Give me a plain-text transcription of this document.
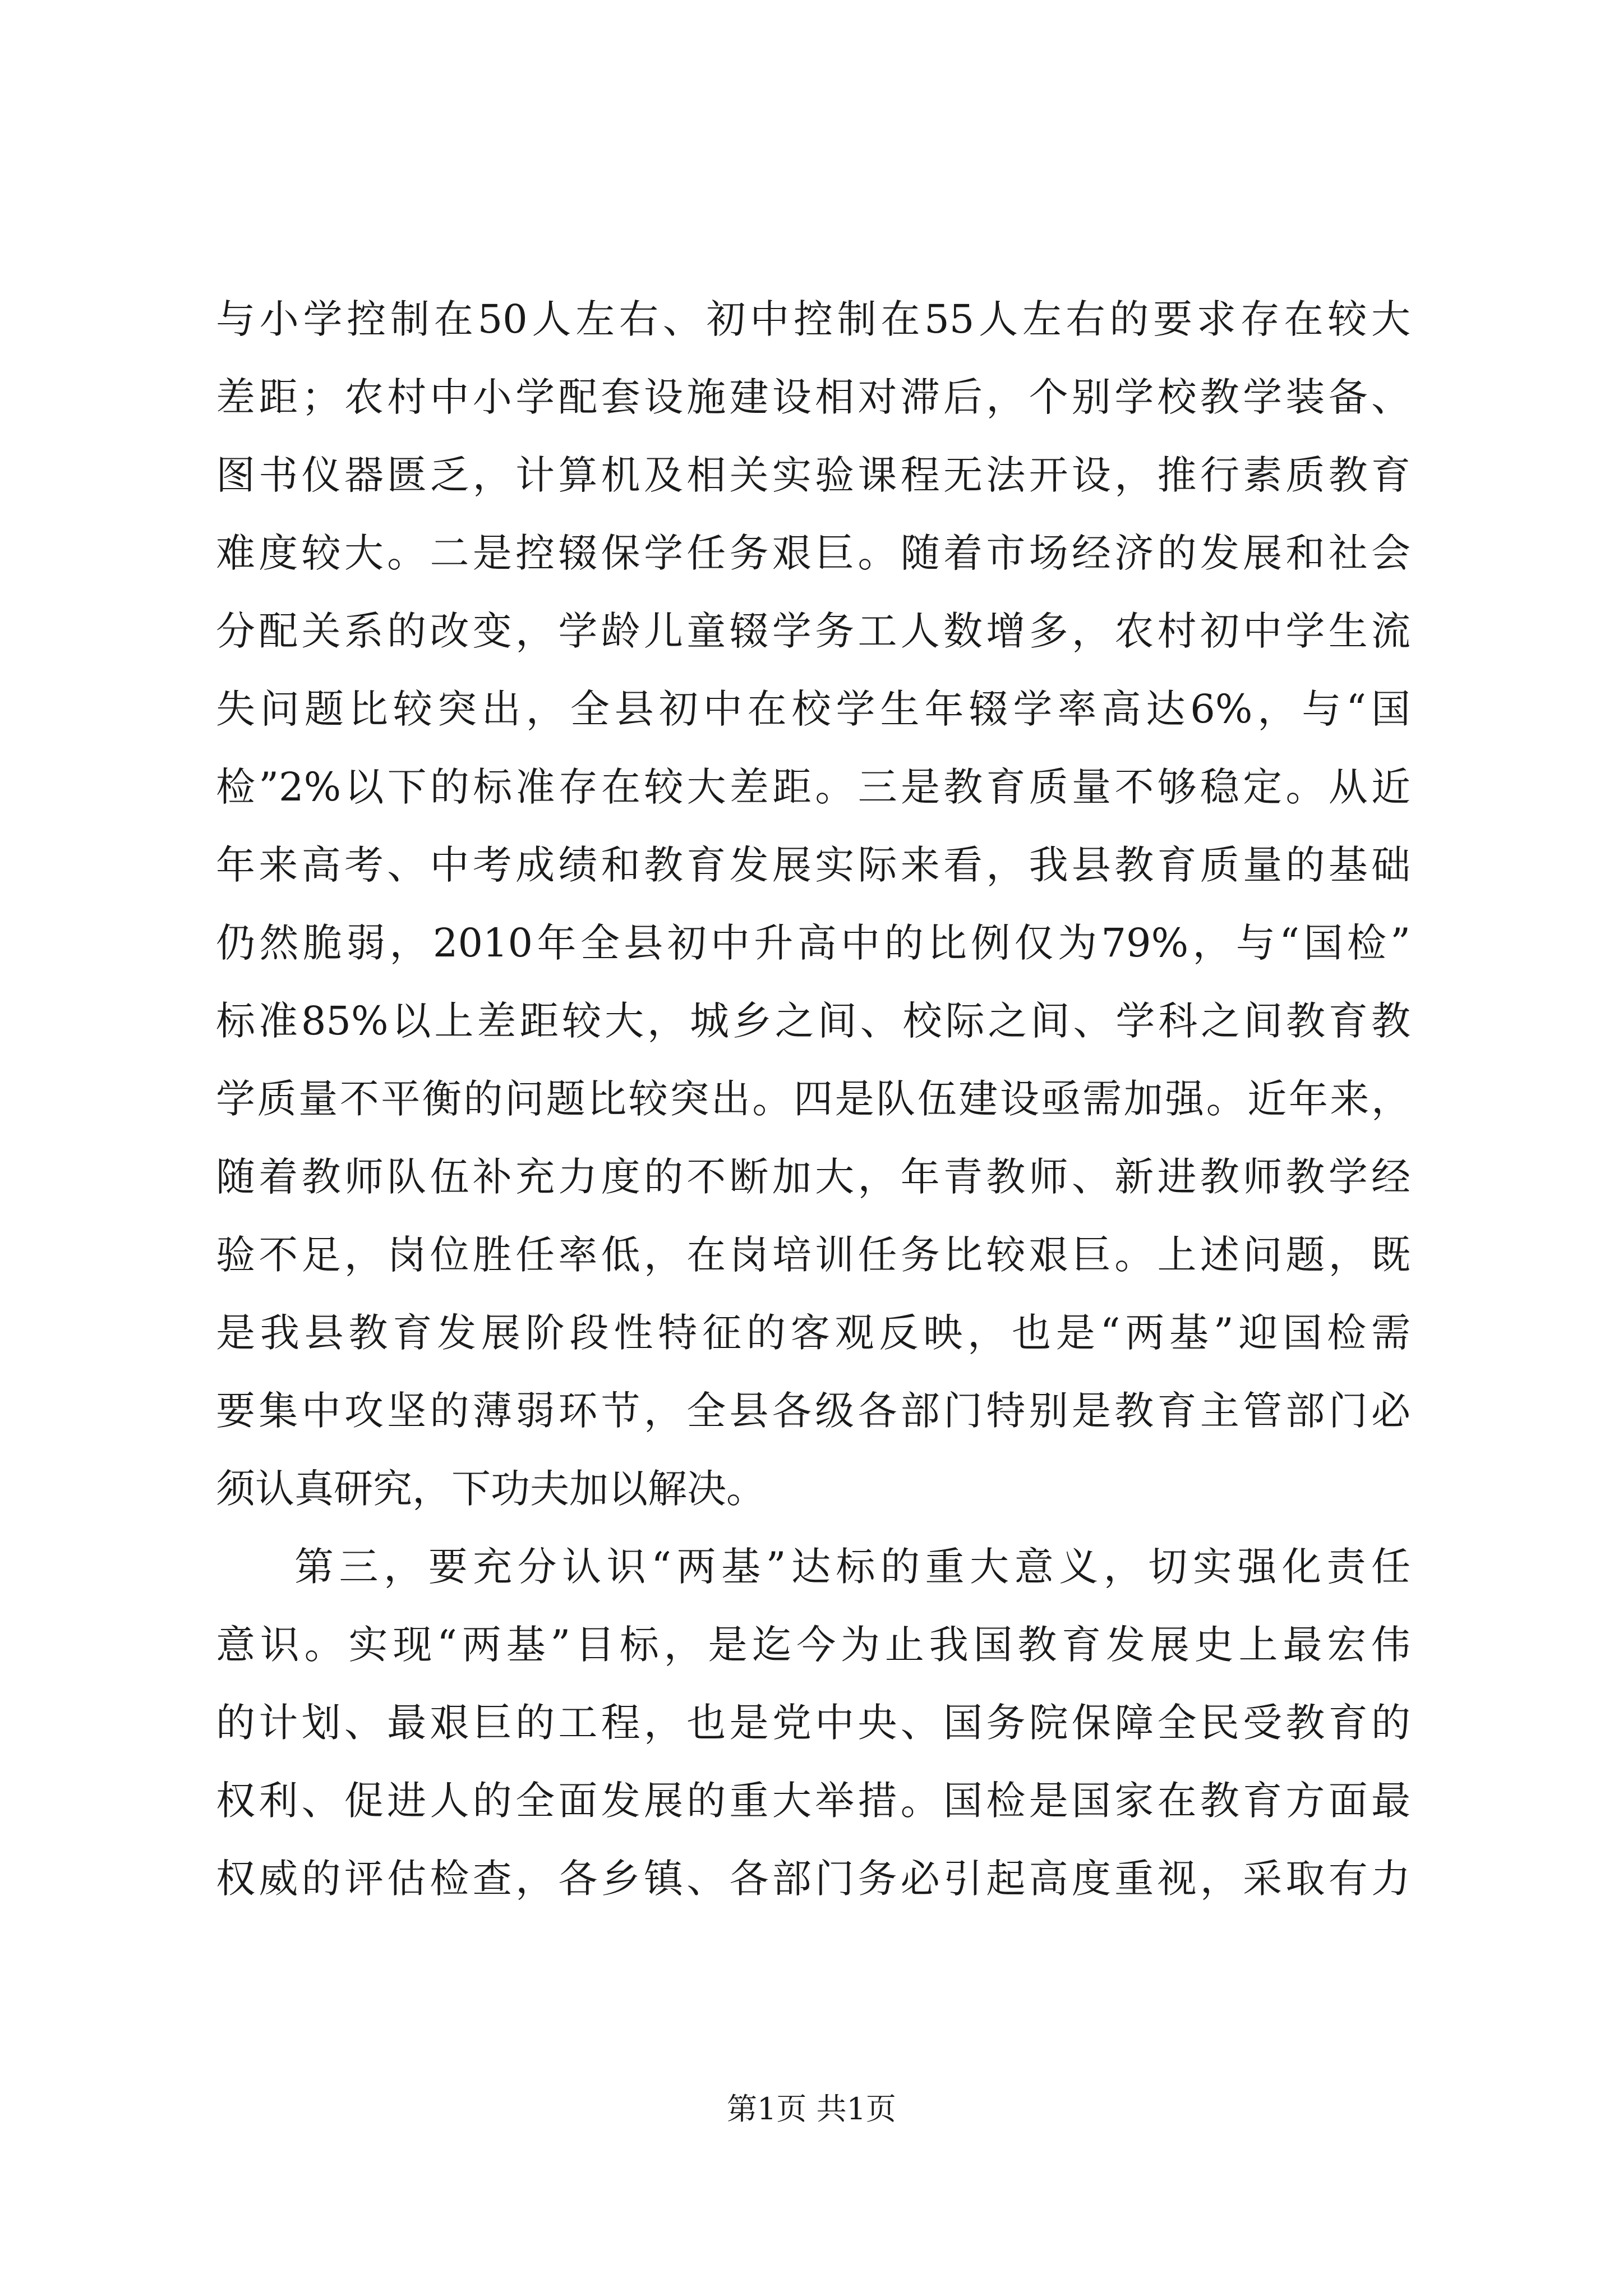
与小学控制在50人左右、初中控制在55人左右的要求存在较大
差距；农村中小学配套设施建设相对滞后，个别学校教学装备、
图书仪器匮乏，计算机及相关实验课程无法开设，推行素质教育
难度较大。二是控辍保学任务艰巨。随着市场经济的发展和社会
分配关系的改变，学龄儿童辍学务工人数增多，农村初中学生流
失问题比较突出，全县初中在校学生年辍学率高达6%，与“国
检”2%以下的标准存在较大差距。三是教育质量不够稳定。从近
年来高考、中考成绩和教育发展实际来看，我县教育质量的基础
仍然脆弱，2010年全县初中升高中的比例仅为79%，与“国检”
标准85%以上差距较大，城乡之间、校际之间、学科之间教育教
学质量不平衡的问题比较突出。四是队伍建设亟需加强。近年来，
随着教师队伍补充力度的不断加大，年青教师、新进教师教学经
验不足，岗位胜任率低，在岗培训任务比较艰巨。上述问题，既
是我县教育发展阶段性特征的客观反映，也是“两基”迎国检需
要集中攻坚的薄弱环节，全县各级各部门特别是教育主管部门必
须认真研究，下功夫加以解决。
第三，要充分认识“两基”达标的重大意义，切实强化责任
意识。实现“两基”目标，是迄今为止我国教育发展史上最宏伟
的计划、最艰巨的工程，也是党中央、国务院保障全民受教育的
权利、促进人的全面发展的重大举措。国检是国家在教育方面最
权威的评估检查，各乡镇、各部门务必引起高度重视，采取有力
第1页 共1页
